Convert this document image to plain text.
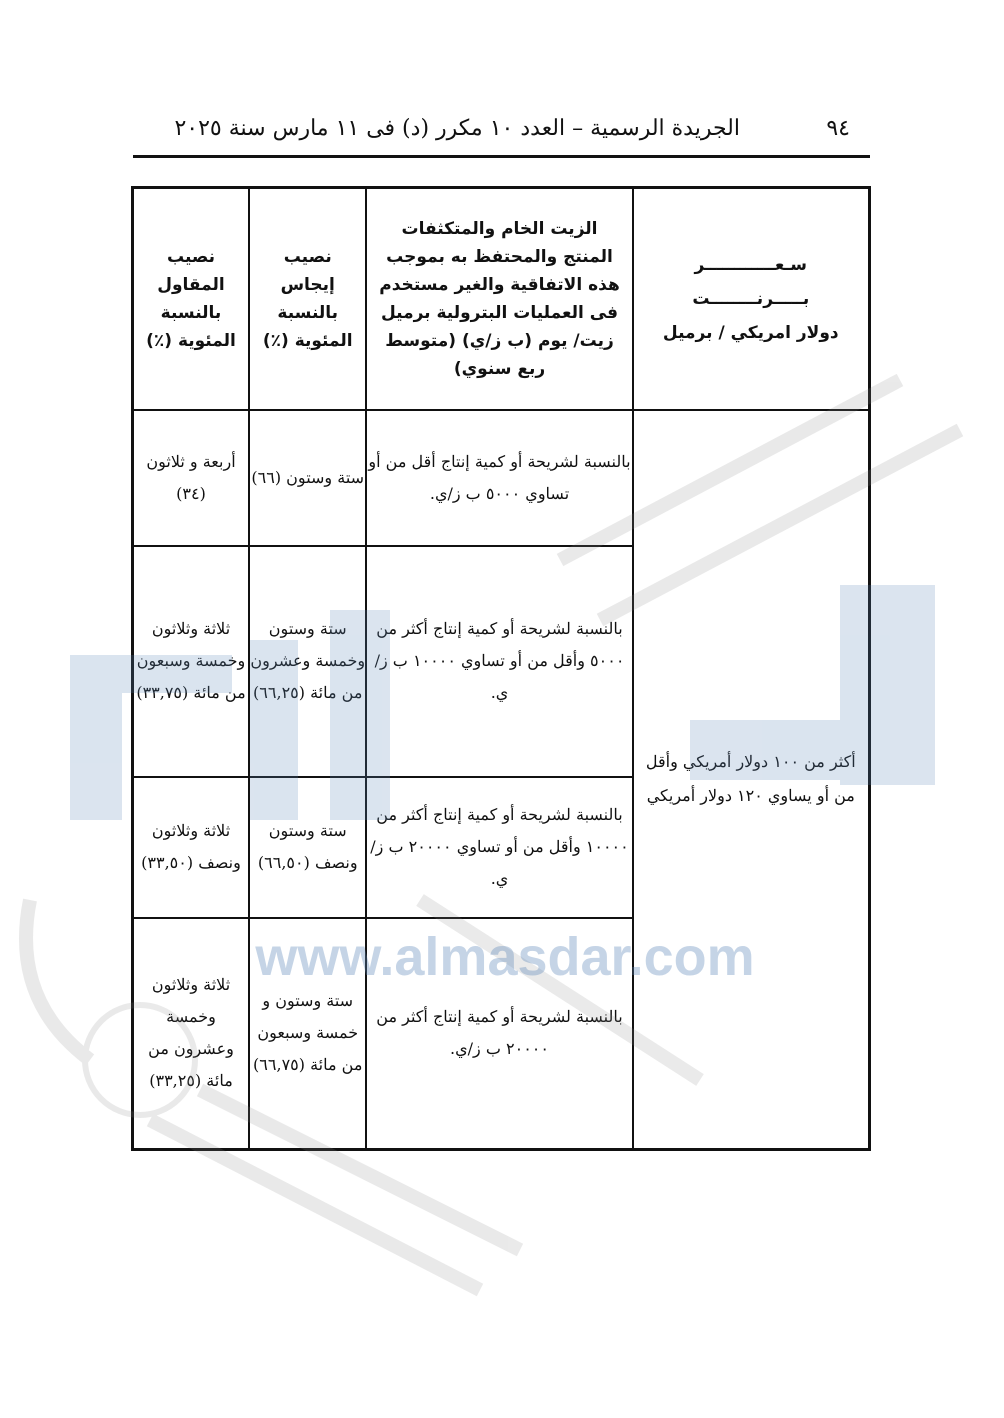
٩٤
الجريدة الرسمية – العدد ١٠ مكرر (د) فى ١١ مارس سنة ٢٠٢٥
سـعــــــــــــر
بـــــرنــــــــت
دولار امريكي / برميل	الزيت الخام والمتكثفات المنتج والمحتفظ به بموجب هذه الاتفاقية والغير مستخدم فى العمليات البترولية برميل زيت/ يوم (ب ز/ي) (متوسط ربع سنوي)	نصيب إيجاس بالنسبة المئوية (٪)	نصيب المقاول بالنسبة المئوية (٪)

أكثر من ١٠٠ دولار أمريكي وأقل من أو يساوي ١٢٠ دولار أمريكي	بالنسبة لشريحة أو كمية إنتاج أقل من أو تساوي ٥٠٠٠ ب ز/ي.	ستة وستون (٦٦)	أربعة و ثلاثون (٣٤)
	بالنسبة لشريحة أو كمية إنتاج أكثر من ٥٠٠٠ وأقل من أو تساوي ١٠٠٠٠ ب ز/ي.	ستة وستون وخمسة وعشرون من مائة (٦٦,٢٥)	ثلاثة وثلاثون وخمسة وسبعون من مائة (٣٣,٧٥)
	بالنسبة لشريحة أو كمية إنتاج أكثر من ١٠٠٠٠ وأقل من أو تساوي ٢٠٠٠٠ ب ز/ي.	ستة وستون ونصف (٦٦,٥٠)	ثلاثة وثلاثون ونصف (٣٣,٥٠)
	بالنسبة لشريحة أو كمية إنتاج أكثر من ٢٠٠٠٠ ب ز/ي.	ستة وستون و خمسة وسبعون من مائة (٦٦,٧٥)	ثلاثة وثلاثون وخمسة وعشرون من مائة (٣٣,٢٥)
www.almasdar.com
